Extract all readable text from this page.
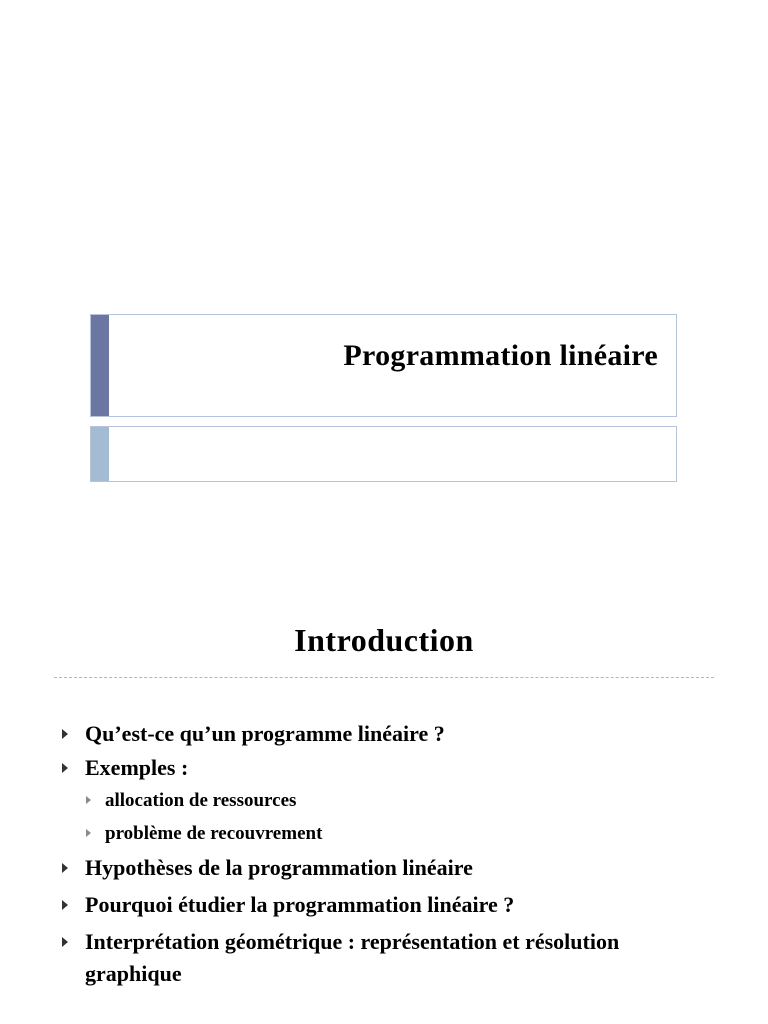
Programmation linéaire
Introduction
Qu’est-ce qu’un programme linéaire ?
Exemples :
allocation de ressources
problème de recouvrement
Hypothèses de la programmation linéaire
Pourquoi étudier la programmation linéaire ?
Interprétation géométrique : représentation et résolution graphique
